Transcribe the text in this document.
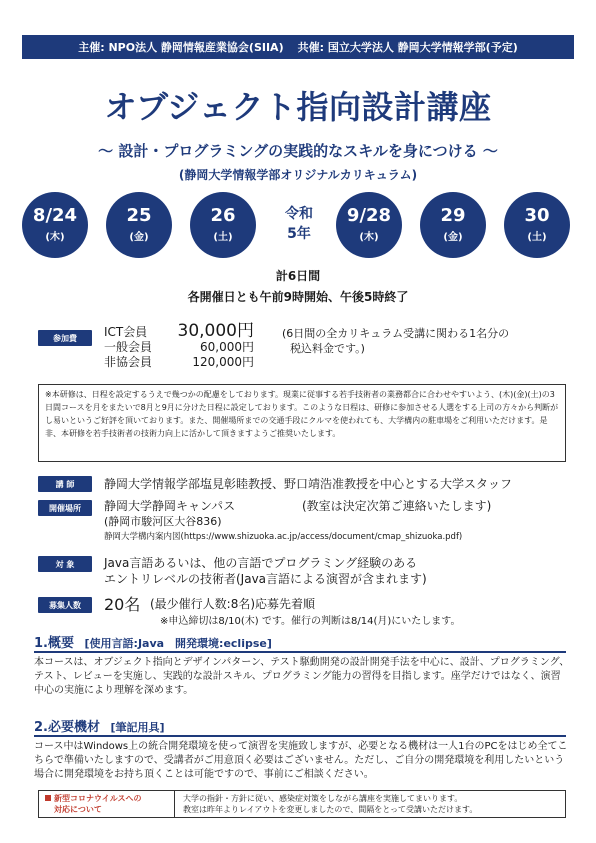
主催: NPO法人 静岡情報産業協会(SIIA) 共催: 国立大学法人 静岡大学情報学部(予定)
オブジェクト指向設計講座
～ 設計・プログラミングの実践的なスキルを身につける ～
(静岡大学情報学部オリジナルカリキュラム)
8/24
(木)
25
(金)
26
(土)
令和
5年
9/28
(木)
29
(金)
30
(土)
計6日間
各開催日とも午前9時開始、午後5時終了
参加費	ICT会員	30,000円
一般会員	60,000円
非協会員	120,000円
(6日間の全カリキュラム受講に関わる1名分の
税込料金です。)
※本研修は、日程を設定するうえで幾つかの配慮をしております。現業に従事する若手技術者の業務都合に合わせやすいよう、(木)(金)(土)の3日間コースを月をまたいで8月と9月に分けた日程に設定しております。このような日程は、研修に参加させる人選をする上司の方々から判断が し易いというご好評を頂いております。また、開催場所までの交通手段にクルマを使われても、大学構内の駐車場をご利用いただけます。是非、本研修を若手技術者の技術力向上に活かして頂きますようご推奨いたします。
講 師	静岡大学情報学部塩見彰睦教授、野口靖浩准教授を中心とする大学スタッフ
開催場所	静岡大学静岡キャンパス	(教室は決定次第ご連絡いたします)
(静岡市駿河区大谷836)
静岡大学構内案内図(https://www.shizuoka.ac.jp/access/document/cmap_shizuoka.pdf)
対 象	Java言語あるいは、他の言語でプログラミング経験のある
エントリレベルの技術者(Java言語による演習が含まれます)
募集人数	20名 (最少催行人数:8名)応募先着順
※申込締切は8/10(木) です。催行の判断は8/14(月)にいたします。
1.概要 [使用言語:Java　開発環境:eclipse]
本コースは、オブジェクト指向とデザインパターン、テスト駆動開発の設計開発手法を中心に、設計、プログラミング、テスト、レビューを実施し、実践的な設計スキル、プログラミング能力の習得を目指します。座学だけではなく、演習中心の実施により理解を深めます。
2.必要機材 [筆記用具]
コース中はWindows上の統合開発環境を使って演習を実施致しますが、必要となる機材は一人1台のPCをはじめ全てこちらで準備いたしますので、受講者がご用意頂く必要はございません。ただし、ご自分の開発環境を利用したいという場合に開発環境をお持ち頂くことは可能ですので、事前にご相談ください。
新型コロナウイルスへの
対応について
大学の指針・方針に従い、感染症対策をしながら講座を実施してまいります。
教室は昨年よりレイアウトを変更しましたので、間隔をとって受講いただけます。
